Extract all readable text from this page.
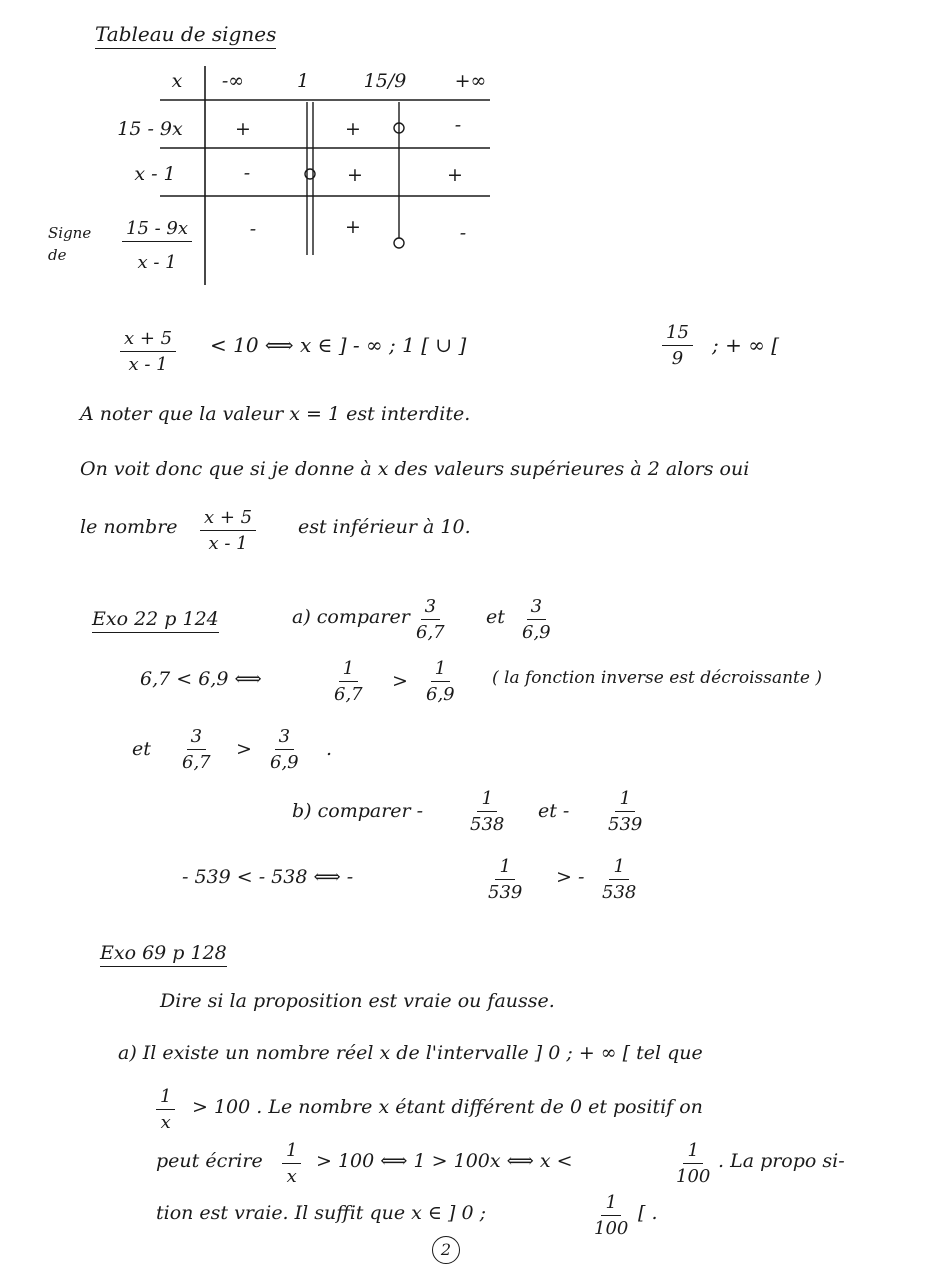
Tableau de signes
x	-∞	1	15/9	+∞
15 - 9x	+	+	-
x - 1	-	+	+
Signe de	$\frac{15 - 9x}{x - 1}$	-	+	-
$\frac{x + 5}{x - 1} < 10$ ⟺ x ∈ ] - ∞ ; 1 [ ∪ ]	$\frac{15}{9}$ ; + ∞ [
A noter que la valeur x = 1 est interdite.
On voit donc que si je donne à x des valeurs supérieures à 2 alors oui
le nombre $\frac{x + 5}{x - 1}$ est inférieur à 10.
Exo 22 p 124	a) comparer $\frac{3}{6,7}$ et $\frac{3}{6,9}$
6,7 < 6,9 ⟺	$\frac{1}{6,7} > \frac{1}{6,9}$ ( la fonction inverse est décroissante )
et $\frac{3}{6,7} > \frac{3}{6,9}$ .
b) comparer - $\frac{1}{538}$ et - $\frac{1}{539}$
- 539 < - 538 ⟺ -	$\frac{1}{539}$ > - $\frac{1}{538}$
Exo 69 p 128
Dire si la proposition est vraie ou fausse.
a) Il existe un nombre réel x de l'intervalle ] 0 ; + ∞ [ tel que
$\frac{1}{x} > 100$ . Le nombre x étant différent de 0 et positif on
peut écrire $\frac{1}{x} > 100$ ⟺ 1 > 100x ⟺ x <	$\frac{1}{100}$ . La propo si-
tion est vraie. Il suffit que x ∈ ] 0 ;	$\frac{1}{100}$ [ .
2
